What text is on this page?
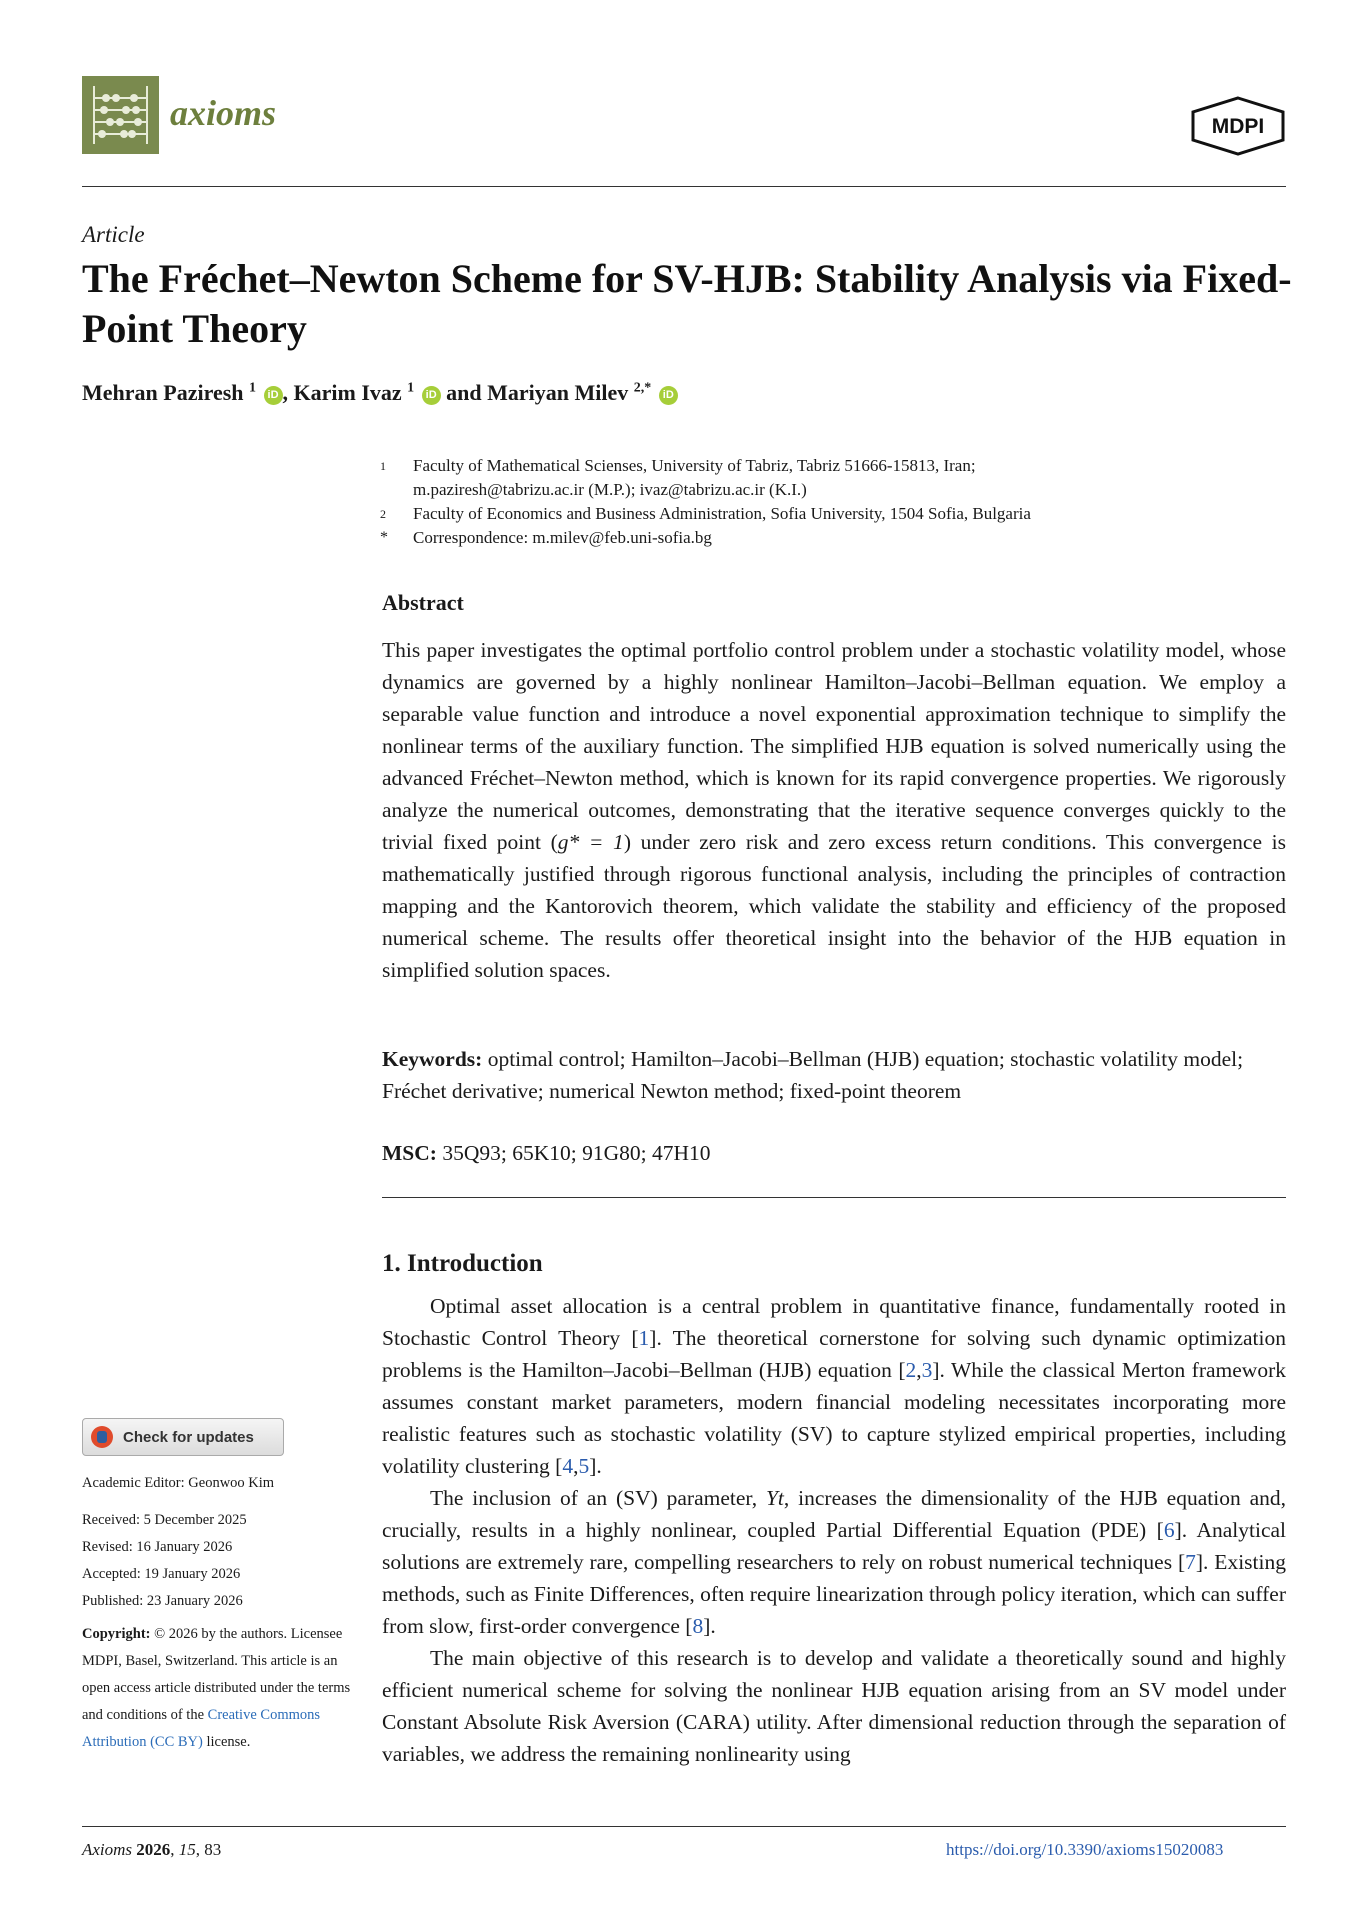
axioms	MDPI
Article
The Fréchet–Newton Scheme for SV-HJB: Stability Analysis via Fixed-Point Theory
Mehran Paziresh $^1$ iD , Karim Ivaz $^1$ iD and Mariyan Milev $^{2,*}$ iD
1	Faculty of Mathematical Scienses, University of Tabriz, Tabriz 51666-15813, Iran;
m.paziresh@tabrizu.ac.ir (M.P.); ivaz@tabrizu.ac.ir (K.I.)
2	Faculty of Economics and Business Administration, Sofia University, 1504 Sofia, Bulgaria
*	Correspondence: m.milev@feb.uni-sofia.bg
Abstract
This paper investigates the optimal portfolio control problem under a stochastic volatility model, whose dynamics are governed by a highly nonlinear Hamilton–Jacobi–Bellman equation. We employ a separable value function and introduce a novel exponential approximation technique to simplify the nonlinear terms of the auxiliary function. The simplified HJB equation is solved numerically using the advanced Fréchet–Newton method, which is known for its rapid convergence properties. We rigorously analyze the numerical outcomes, demonstrating that the iterative sequence converges quickly to the trivial fixed point (g* = 1) under zero risk and zero excess return conditions. This convergence is mathematically justified through rigorous functional analysis, including the principles of contraction mapping and the Kantorovich theorem, which validate the stability and efficiency of the proposed numerical scheme. The results offer theoretical insight into the behavior of the HJB equation in simplified solution spaces.
Keywords: optimal control; Hamilton–Jacobi–Bellman (HJB) equation; stochastic volatility model; Fréchet derivative; numerical Newton method; fixed-point theorem
MSC: 35Q93; 65K10; 91G80; 47H10
1. Introduction

Optimal asset allocation is a central problem in quantitative finance, fundamentally rooted in Stochastic Control Theory [1]. The theoretical cornerstone for solving such dynamic optimization problems is the Hamilton–Jacobi–Bellman (HJB) equation [2,3]. While the classical Merton framework assumes constant market parameters, modern financial modeling necessitates incorporating more realistic features such as stochastic volatility (SV) to capture stylized empirical properties, including volatility clustering [4,5].

The inclusion of an (SV) parameter, Yt, increases the dimensionality of the HJB equation and, crucially, results in a highly nonlinear, coupled Partial Differential Equation (PDE) [6]. Analytical solutions are extremely rare, compelling researchers to rely on robust numerical techniques [7]. Existing methods, such as Finite Differences, often require linearization through policy iteration, which can suffer from slow, first-order convergence [8].

The main objective of this research is to develop and validate a theoretically sound and highly efficient numerical scheme for solving the nonlinear HJB equation arising from an SV model under Constant Absolute Risk Aversion (CARA) utility. After dimensional reduction through the separation of variables, we address the remaining nonlinearity using

Check for updates
Academic Editor: Geonwoo Kim
Received: 5 December 2025
Revised: 16 January 2026
Accepted: 19 January 2026
Published: 23 January 2026
Copyright: © 2026 by the authors. Licensee MDPI, Basel, Switzerland. This article is an open access article distributed under the terms and conditions of the Creative Commons Attribution (CC BY) license.
Axioms 2026, 15, 83	https://doi.org/10.3390/axioms15020083
